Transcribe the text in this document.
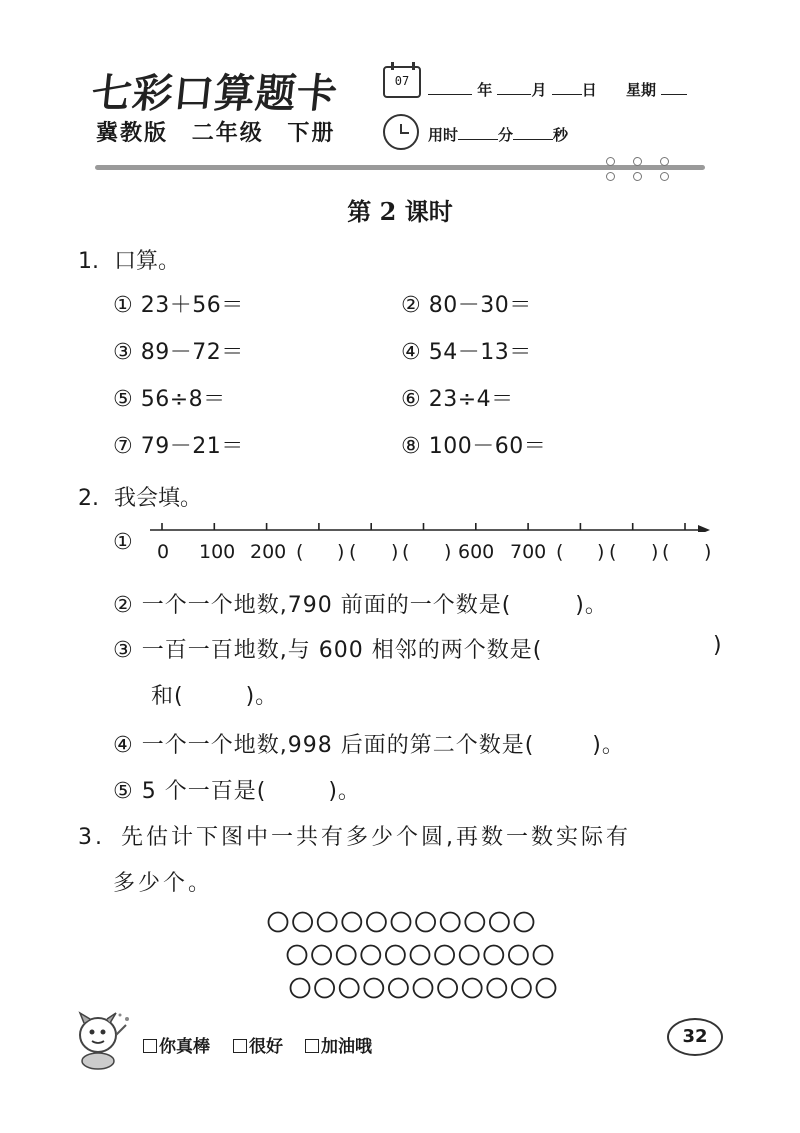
七彩口算题卡
冀教版 二年级 下册
07	年	月 日 星期
用时	分	秒
第 2 课时
1. 口算。
① 23＋56＝	② 80－30＝
③ 89－72＝	④ 54－13＝
⑤ 56÷8＝	⑥ 23÷4＝
⑦ 79－21＝	⑧ 100－60＝
2. 我会填。
① 0 100 200 ( ) ( ) ( ) 600 700 ( ) ( ) ( )
② 一个一个地数,790 前面的一个数是(	)。
③ 一百一百地数,与 600 相邻的两个数是(	)
和(	)。
④ 一个一个地数,998 后面的第二个数是(	)。
⑤ 5 个一百是(	)。
3. 先估计下图中一共有多少个圆,再数一数实际有
多少个。
你真棒	很好	加油哦	32
